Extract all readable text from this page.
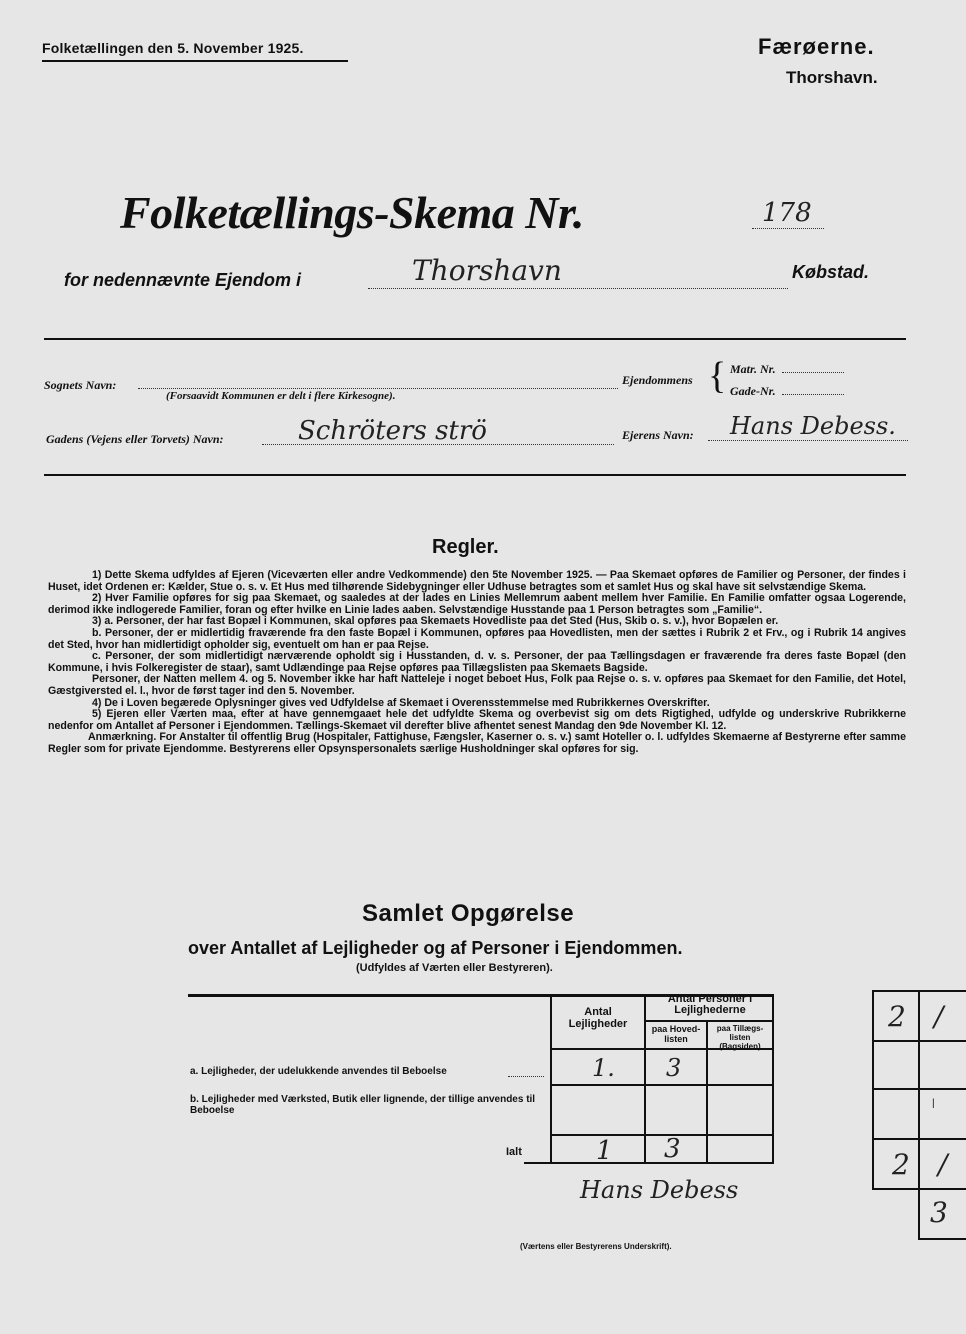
Folketællingen den 5. November 1925.	Færøerne.
Thorshavn.
Folketællings-Skema Nr.	178
for nedennævnte Ejendom i	Thorshavn	Købstad.
Sognets Navn:
(Forsaavidt Kommunen er delt i flere Kirkesogne).
Ejendommens { Matr. Nr.
Gade-Nr.
Gadens (Vejens eller Torvets) Navn:	Schröters strö	Ejerens Navn: Hans Debess.
Regler.

1) Dette Skema udfyldes af Ejeren (Viceværten eller andre Vedkommende) den 5te November 1925. — Paa Skemaet opføres de Familier og Personer, der findes i Huset, idet Ordenen er: Kælder, Stue o. s. v. Et Hus med tilhørende Sidebygninger eller Udhuse betragtes som et samlet Hus og skal have sit selvstændige Skema.

2) Hver Familie opføres for sig paa Skemaet, og saaledes at der lades en Linies Mellemrum aabent mellem hver Familie. En Familie omfatter ogsaa Logerende, derimod ikke indlogerede Familier, foran og efter hvilke en Linie lades aaben. Selvstændige Husstande paa 1 Person betragtes som „Familie“.

3) a. Personer, der har fast Bopæl i Kommunen, skal opføres paa Skemaets Hovedliste paa det Sted (Hus, Skib o. s. v.), hvor Bopælen er.

b. Personer, der er midlertidig fraværende fra den faste Bopæl i Kommunen, opføres paa Hovedlisten, men der sættes i Rubrik 2 et Frv., og i Rubrik 14 angives det Sted, hvor han midlertidigt opholder sig, eventuelt om han er paa Rejse.

c. Personer, der som midlertidigt nærværende opholdt sig i Husstanden, d. v. s. Personer, der paa Tællingsdagen er fraværende fra deres faste Bopæl (den Kommune, i hvis Folkeregister de staar), samt Udlændinge paa Rejse opføres paa Tillægslisten paa Skemaets Bagside.

Personer, der Natten mellem 4. og 5. November ikke har haft Natteleje i noget beboet Hus, Folk paa Rejse o. s. v. opføres paa Skemaet for den Familie, det Hotel, Gæstgiversted el. l., hvor de først tager ind den 5. November.

4) De i Loven begærede Oplysninger gives ved Udfyldelse af Skemaet i Overensstemmelse med Rubrikkernes Overskrifter.

5) Ejeren eller Værten maa, efter at have gennemgaaet hele det udfyldte Skema og overbevist sig om dets Rigtighed, udfylde og underskrive Rubrikkerne nedenfor om Antallet af Personer i Ejendommen. Tællings-Skemaet vil derefter blive afhentet senest Mandag den 9de November Kl. 12.

Anmærkning. For Anstalter til offentlig Brug (Hospitaler, Fattighuse, Fængsler, Kaserner o. s. v.) samt Hoteller o. l. udfyldes Skemaerne af Bestyrerne efter samme Regler som for private Ejendomme. Bestyrerens eller Opsynspersonalets særlige Husholdninger skal opføres for sig.

Samlet Opgørelse
over Antallet af Lejligheder og af Personer i Ejendommen.
(Udfyldes af Værten eller Bestyreren).
Antal Lejligheder
Antal Personer i Lejlighederne
paa Hoved-listen
paa Tillægs-listen (Bagsiden)
a. Lejligheder, der udelukkende anvendes til Beboelse	1. 3
b. Lejligheder med Værksted, Butik eller lignende, der tillige anvendes til Beboelse
Ialt	1 3
Hans Debess
(Værtens eller Bestyrerens Underskrift).
2 /
|
2 /
3
